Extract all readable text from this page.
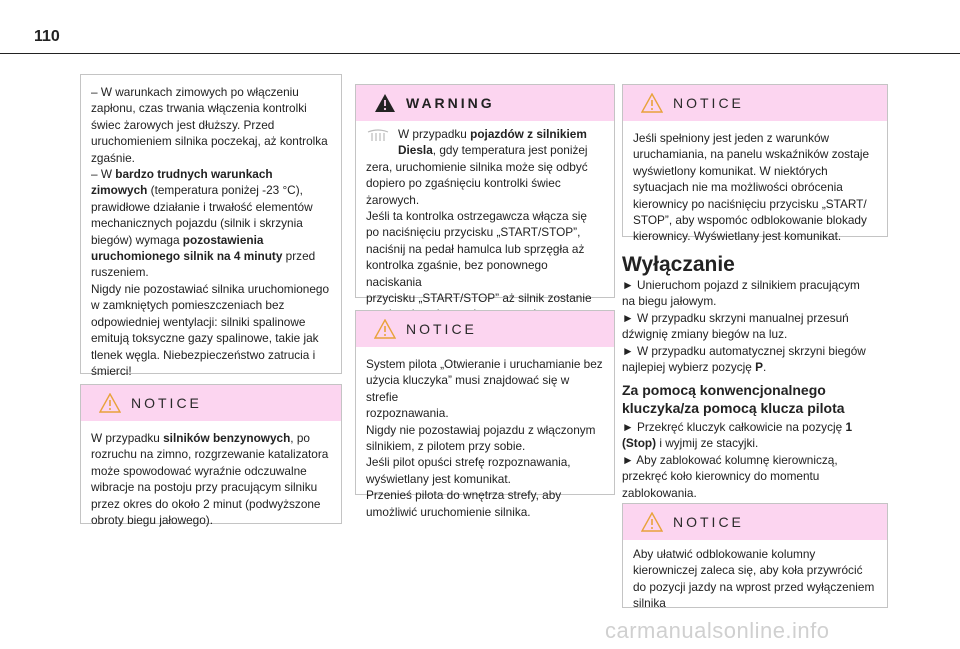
110

– W warunkach zimowych po włączeniu
zapłonu, czas trwania włączenia kontrolki
świec żarowych jest dłuższy. Przed
uruchomieniem silnika poczekaj, aż kontrolka
zgaśnie.
– W bardzo trudnych warunkach
zimowych (temperatura poniżej -23 °C),
prawidłowe działanie i trwałość elementów
mechanicznych pojazdu (silnik i skrzynia
biegów) wymaga pozostawienia
uruchomionego silnik na 4 minuty przed
ruszeniem.
Nigdy nie pozostawiać silnika uruchomionego
w zamkniętych pomieszczeniach bez
odpowiedniej wentylacji: silniki spalinowe
emitują toksyczne gazy spalinowe, takie jak
tlenek węgla. Niebezpieczeństwo zatrucia i
śmierci!

NOTICE

W przypadku silników benzynowych, po
rozruchu na zimno, rozgrzewanie katalizatora
może spowodować wyraźnie odczuwalne
wibracje na postoju przy pracującym silniku
przez okres do około 2 minut (podwyższone
obroty biegu jałowego).

WARNING

W przypadku pojazdów z silnikiem
Diesla, gdy temperatura jest poniżej

zera, uruchomienie silnika może się odbyć
dopiero po zgaśnięciu kontrolki świec
żarowych.
Jeśli ta kontrolka ostrzegawcza włącza się
po naciśnięciu przycisku „START/STOP”,
naciśnij na pedał hamulca lub sprzęgła aż
kontrolka zgaśnie, bez ponownego naciskania
przycisku „START/STOP” aż silnik zostanie

NOTICE

System pilota „Otwieranie i uruchamianie bez
użycia kluczyka” musi znajdować się w strefie
rozpoznawania.
Nigdy nie pozostawiaj pojazdu z włączonym
silnikiem, z pilotem przy sobie.
Jeśli pilot opuści strefę rozpoznawania,
wyświetlany jest komunikat.
Przenieś pilota do wnętrza strefy, aby
umożliwić uruchomienie silnika.

NOTICE

Jeśli spełniony jest jeden z warunków
uruchamiania, na panelu wskaźników zostaje
wyświetlony komunikat. W niektórych
sytuacjach nie ma możliwości obrócenia
kierownicy po naciśnięciu przycisku „START/
STOP”, aby wspomóc odblokowanie blokady
kierownicy. Wyświetlany jest komunikat.

Wyłączanie

► Unieruchom pojazd z silnikiem pracującym
na biegu jałowym.
► W przypadku skrzyni manualnej przesuń
dźwignię zmiany biegów na luz.
► W przypadku automatycznej skrzyni biegów
najlepiej wybierz pozycję P.

Za pomocą konwencjonalnego
kluczyka/za pomocą klucza pilota

► Przekręć kluczyk całkowicie na pozycję 1
(Stop) i wyjmij ze stacyjki.
► Aby zablokować kolumnę kierowniczą,
przekręć koło kierownicy do momentu
zablokowania.

NOTICE

Aby ułatwić odblokowanie kolumny
kierowniczej zaleca się, aby koła przywrócić
do pozycji jazdy na wprost przed wyłączeniem
silnika

carmanualsonline.info
